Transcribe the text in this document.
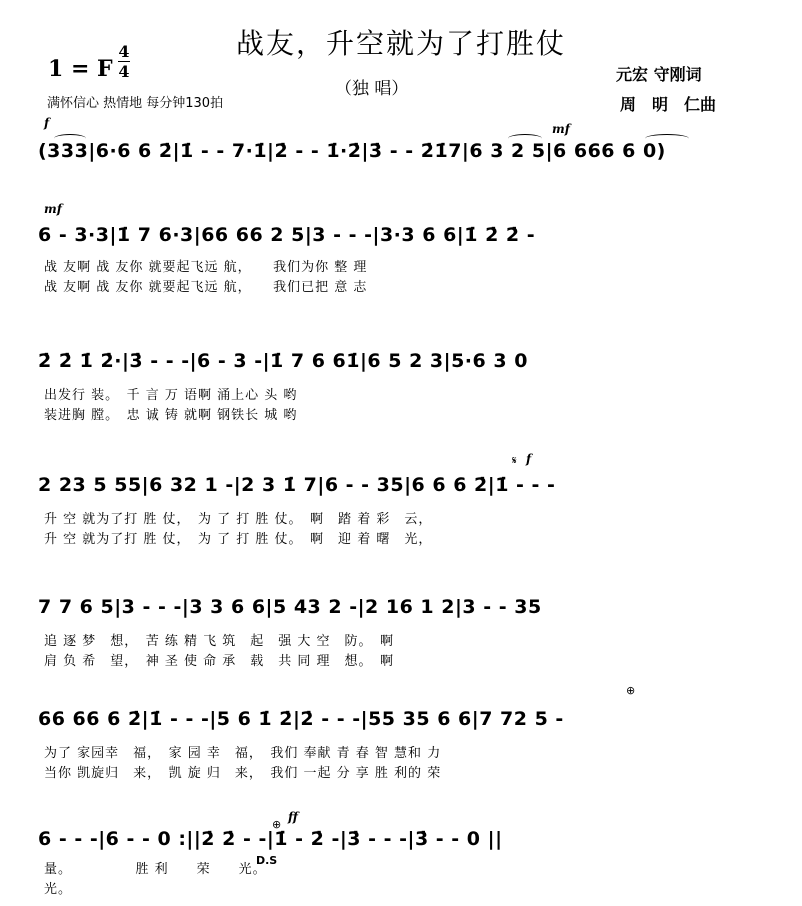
战友，升空就为了打胜仗
（独 唱）
1 = F
4
4
满怀信心 热情地 每分钟130拍
元宏 守刚词
周　明　仁曲
f	mf
mf
f
𝄋
⊕
⊕
ff
D.S
(333|6·6 6 2̇|1̇ - - 7·1̇|2̇ - - 1̇·2̇|3̇ - - 2̇1̇7|6 3 2 5|6 666 6 0)
6 - 3·3|1̇ 7 6·3|66 66 2 5|3 - - -|3·3 6 6|1̇ 2̇ 2̇ -
战 友啊 战 友你 就要起飞远 航，　　我们为你 整 理
战 友啊 战 友你 就要起飞远 航，　　我们已把 意 志
2̇ 2̇ 1̇ 2̇·|3̇ - - -|6 - 3 -|1̇ 7 6 61̇|6 5 2 3|5·6 3 0
出发行 装。　千 言 万 语啊 涌上心 头 哟
装进胸 膛。　忠 诚 铸 就啊 钢铁长 城 哟
2 23 5 55|6 32 1 -|2 3 1̇ 7|6 - - 35|6 6 6 2̇|1̇ - - -
升 空 就为了打 胜 仗，　为 了 打 胜 仗。　啊　踏 着 彩　云，
升 空 就为了打 胜 仗，　为 了 打 胜 仗。　啊　迎 着 曙　光，
7 7 6 5|3 - - -|3 3 6 6|5 43 2 -|2 16 1 2|3 - - 35
追 逐 梦　想，　苦 练 精 飞 筑　起　强 大 空　防。　啊
肩 负 希　望，　神 圣 使 命 承　载　共 同 理　想。　啊
66 66 6 2̇|1̇ - - -|5 6 1̇ 2̇|2̇ - - -|55 35 6 6|7 72 5 -
为了 家园幸　福，　家 园 幸　福，　我们 奉献 青 春 智 慧和 力
当你 凯旋归　来，　凯 旋 归　来，　我们 一起 分 享 胜 利的 荣
6 - - -|6 - - 0 :||2̇ 2̇ - -|1̇ - 2̇ -|3̇ - - -|3̇ - - 0 ||
量。　　　　　胜 利　　荣　　光。
光。
